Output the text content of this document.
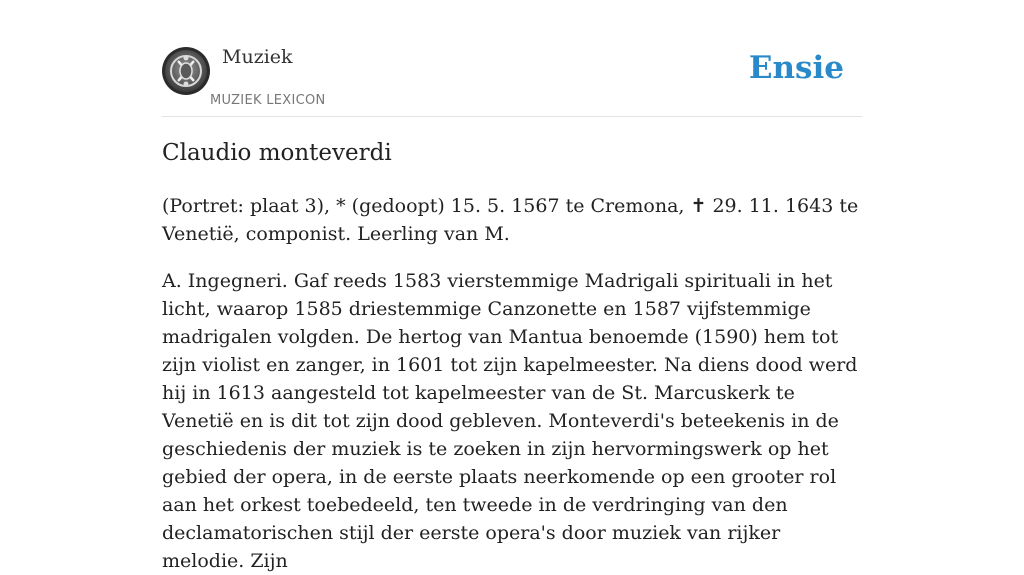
Muziek
MUZIEK LEXICON
Ensie
Claudio monteverdi

(Portret: plaat 3), * (gedoopt) 15. 5. 1567 te Cremona, ✝ 29. 11. 1643 te Venetië, componist. Leerling van M.

A. Ingegneri. Gaf reeds 1583 vierstemmige Madrigali spirituali in het licht, waarop 1585 driestemmige Canzonette en 1587 vijfstemmige madrigalen volgden. De hertog van Mantua benoemde (1590) hem tot zijn violist en zanger, in 1601 tot zijn kapelmeester. Na diens dood werd hij in 1613 aangesteld tot kapelmeester van de St. Marcuskerk te Venetië en is dit tot zijn dood gebleven. Monteverdi's beteekenis in de geschiedenis der muziek is te zoeken in zijn hervormingswerk op het gebied der opera, in de eerste plaats neerkomende op een grooter rol aan het orkest toebedeeld, ten tweede in de verdringing van den declamatorischen stijl der eerste opera's door muziek van rijker melodie. Zijn
